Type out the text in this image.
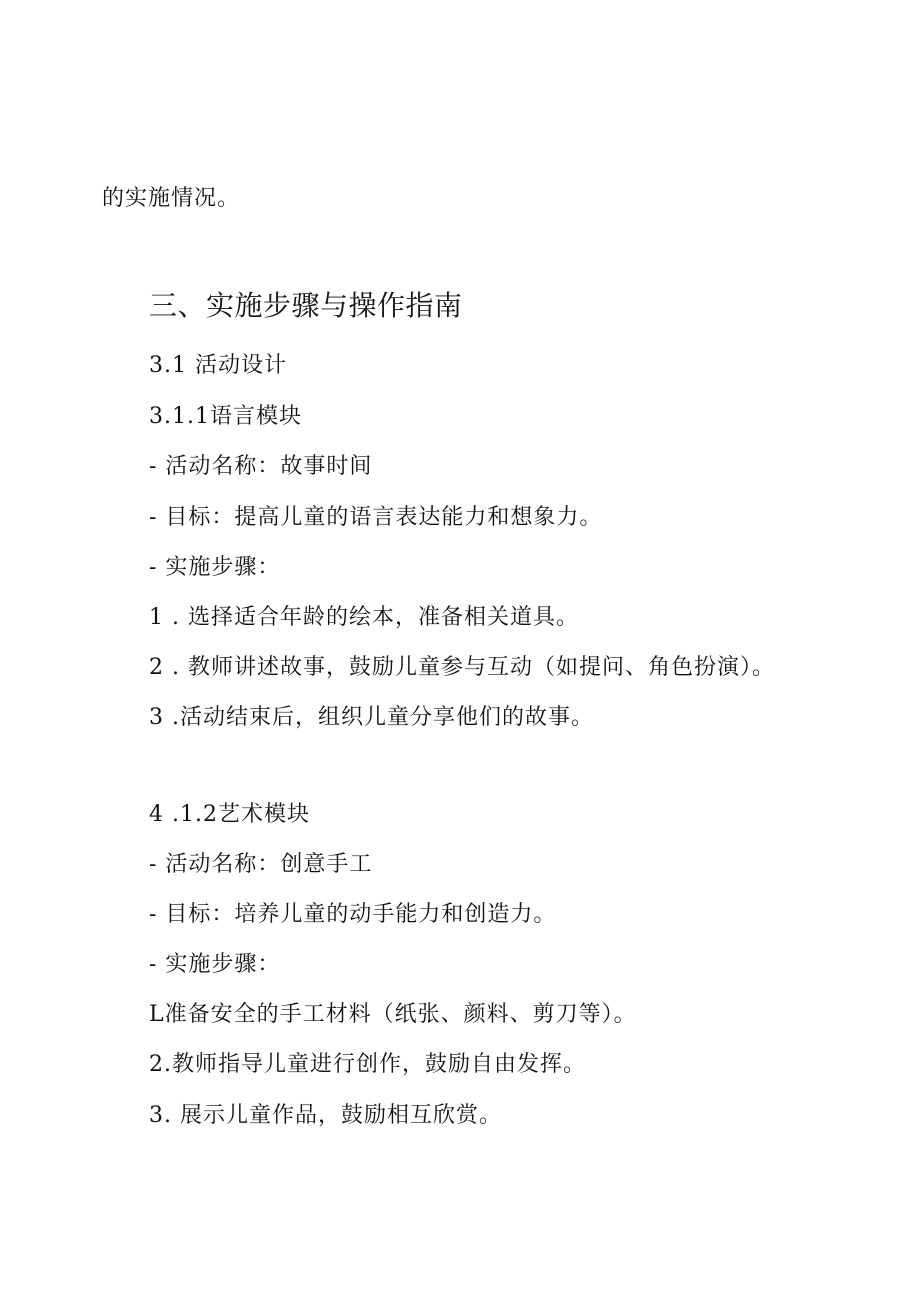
的实施情况。
三、实施步骤与操作指南
3.1 活动设计
3.1.1语言模块
- 活动名称：故事时间
- 目标：提高儿童的语言表达能力和想象力。
- 实施步骤：
1 . 选择适合年龄的绘本，准备相关道具。
2 . 教师讲述故事，鼓励儿童参与互动（如提问、角色扮演）。
3 .活动结束后，组织儿童分享他们的故事。
4 .1.2艺术模块
- 活动名称：创意手工
- 目标：培养儿童的动手能力和创造力。
- 实施步骤：
L准备安全的手工材料（纸张、颜料、剪刀等）。
2.教师指导儿童进行创作，鼓励自由发挥。
3. 展示儿童作品，鼓励相互欣赏。
